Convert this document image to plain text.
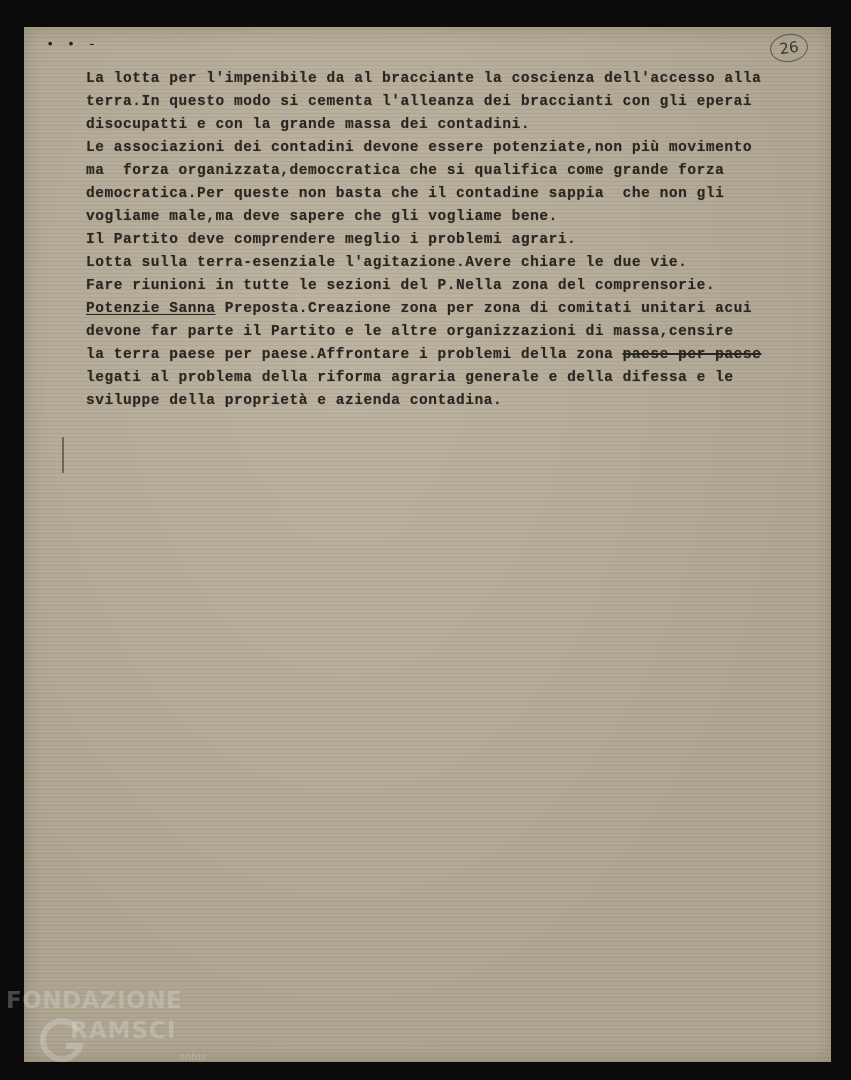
• • -	26
La lotta per l'impenibile da al bracciante la coscienza dell'accesso alla
terra.In questo modo si cementa l'alleanza dei braccianti con gli eperai
disocupatti e con la grande massa dei contadini.
Le associazioni dei contadini devone essere potenziate,non più movimento
ma  forza organizzata,democcratica che si qualifica come grande forza
democratica.Per queste non basta che il contadine sappia  che non gli
vogliame male,ma deve sapere che gli vogliame bene.
Il Partito deve comprendere meglio i problemi agrari.
Lotta sulla terra-esenziale l'agitazione.Avere chiare le due vie.
Fare riunioni in tutte le sezioni del P.Nella zona del comprensorie.
Potenzie Sanna Preposta.Creazione zona per zona di comitati unitari acui
devone far parte il Partito e le altre organizzazioni di massa,censire
la terra paese per paese.Affrontare i problemi della zona paese per paese
legati al problema della riforma agraria generale e della difessa e le
sviluppe della proprietà e azienda contadina.
FONDAZIONE
RAMSCI
onlus
